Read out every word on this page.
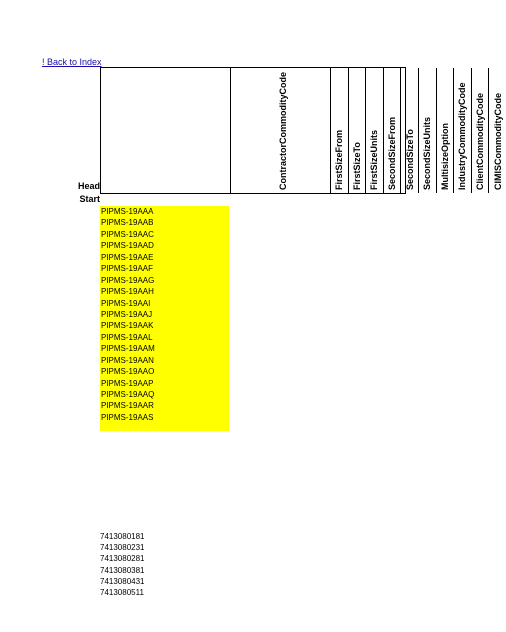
! Back to Index
Head
Start
ContractorCommodityCode	FirstSizeFrom FirstSizeTo FirstSizeUnits SecondSizeFrom SecondSizeTo SecondSizeUnits MultisizeOption IndustryCommodityCode ClientCommodityCode CIMISCommodityCode
PIPMS-19AAA
PIPMS-19AAB
PIPMS-19AAC
PIPMS-19AAD
PIPMS-19AAE
PIPMS-19AAF
PIPMS-19AAG
PIPMS-19AAH
PIPMS-19AAI
PIPMS-19AAJ
PIPMS-19AAK
PIPMS-19AAL
PIPMS-19AAM
PIPMS-19AAN
PIPMS-19AAO
PIPMS-19AAP
PIPMS-19AAQ
PIPMS-19AAR
PIPMS-19AAS
7413080181
7413080231
7413080281
7413080381
7413080431
7413080511
